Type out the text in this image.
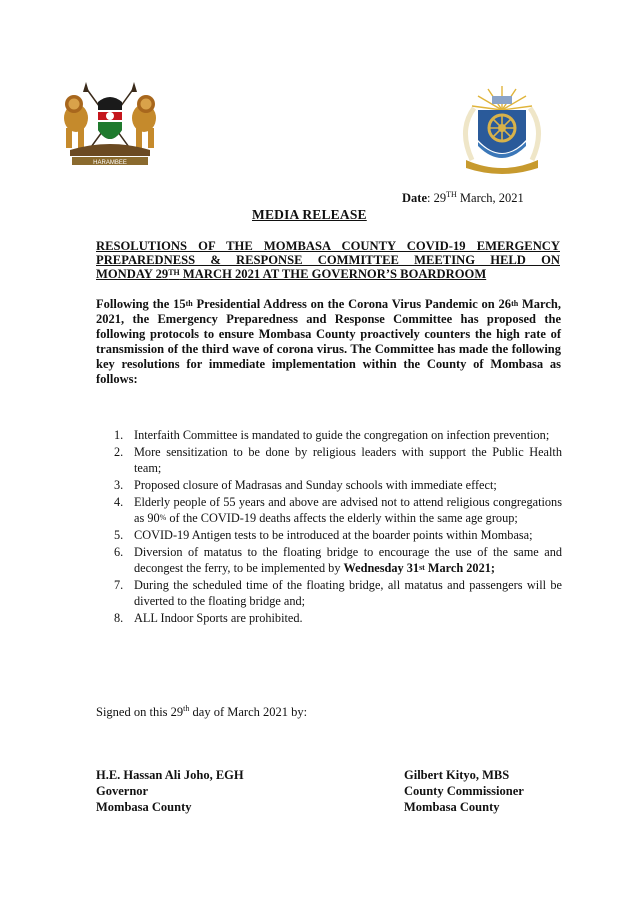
HARAMBEE
Date: 29TH March, 2021
MEDIA RELEASE
RESOLUTIONS OF THE MOMBASA COUNTY COVID-19 EMERGENCY
PREPAREDNESS & RESPONSE COMMITTEE MEETING HELD ON
MONDAY 29TH MARCH 2021 AT THE GOVERNOR’S BOARDROOM
Following the 15th Presidential Address on the Corona Virus Pandemic on 26th March, 2021, the Emergency Preparedness and Response Committee has proposed the following protocols to ensure Mombasa County proactively counters the high rate of transmission of the third wave of corona virus. The Committee has made the following key resolutions for immediate implementation within the County of Mombasa as follows:
1. Interfaith Committee is mandated to guide the congregation on infection prevention;
2. More sensitization to be done by religious leaders with support the Public Health team;
3. Proposed closure of Madrasas and Sunday schools with immediate effect;
4. Elderly people of 55 years and above are advised not to attend religious congregations as 90% of the COVID-19 deaths affects the elderly within the same age group;
5. COVID-19 Antigen tests to be introduced at the boarder points within Mombasa;
6. Diversion of matatus to the floating bridge to encourage the use of the same and decongest the ferry, to be implemented by Wednesday 31st March 2021;
7. During the scheduled time of the floating bridge, all matatus and passengers will be diverted to the floating bridge and;
8. ALL Indoor Sports are prohibited.
Signed on this 29th day of March 2021 by:
H.E. Hassan Ali Joho, EGH
Governor
Mombasa County
Gilbert Kityo, MBS
County Commissioner
Mombasa County
